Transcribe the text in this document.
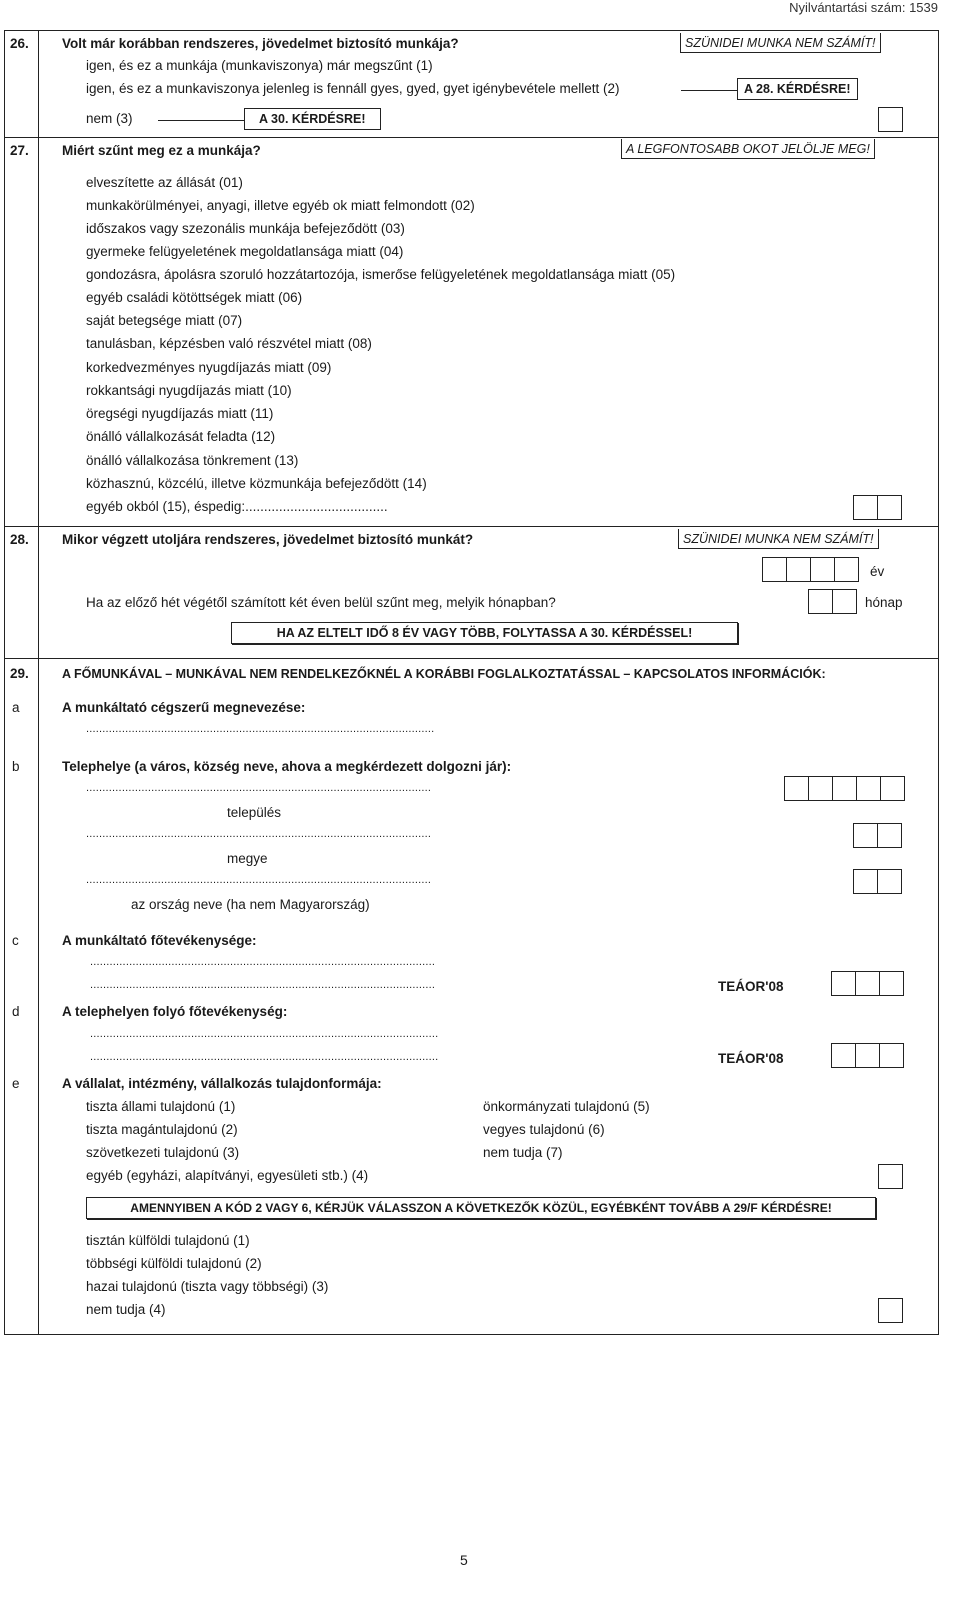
Nyilvántartási szám: 1539
26. Volt már korábban rendszeres, jövedelmet biztosító munkája?	SZÜNIDEI MUNKA NEM SZÁMÍT!
igen, és ez a munkája (munkaviszonya) már megszűnt (1)
igen, és ez a munkaviszonya jelenleg is fennáll gyes, gyed, gyet igénybevétele mellett (2)	A 28. KÉRDÉSRE!
nem (3)	A 30. KÉRDÉSRE!
27. Miért szűnt meg ez a munkája?	A LEGFONTOSABB OKOT JELÖLJE MEG!
elveszítette az állását (01)
munkakörülményei, anyagi, illetve egyéb ok miatt felmondott (02)
időszakos vagy szezonális munkája befejeződött (03)
gyermeke felügyeletének megoldatlansága miatt (04)
gondozásra, ápolásra szoruló hozzátartozója, ismerőse felügyeletének megoldatlansága miatt (05)
egyéb családi kötöttségek miatt (06)
saját betegsége miatt (07)
tanulásban, képzésben való részvétel miatt (08)
korkedvezményes nyugdíjazás miatt (09)
rokkantsági nyugdíjazás miatt (10)
öregségi nyugdíjazás miatt (11)
önálló vállalkozását feladta (12)
önálló vállalkozása tönkrement (13)
közhasznú, közcélú, illetve közmunkája befejeződött (14)
egyéb okból (15), éspedig:......................................
28. Mikor végzett utoljára rendszeres, jövedelmet biztosító munkát?	SZÜNIDEI MUNKA NEM SZÁMÍT!
év
Ha az előző hét végétől számított két éven belül szűnt meg, melyik hónapban?	hónap
HA AZ ELTELT IDŐ 8 ÉV VAGY TÖBB, FOLYTASSA A 30. KÉRDÉSSEL!
29.	A FŐMUNKÁVAL – MUNKÁVAL NEM RENDELKEZŐKNÉL A KORÁBBI FOGLALKOZTATÁSSAL – KAPCSOLATOS INFORMÁCIÓK:
a	A munkáltató cégszerű megnevezése:
...........................................................................................................
b	Telephelye (a város, község neve, ahova a megkérdezett dolgozni jár):
..........................................................................................................
település
..........................................................................................................
megye
..........................................................................................................
az ország neve (ha nem Magyarország)
c	A munkáltató főtevékenysége:
..........................................................................................................
..........................................................................................................	TEÁOR'08
d	A telephelyen folyó főtevékenység:
...........................................................................................................
...........................................................................................................	TEÁOR'08
e	A vállalat, intézmény, vállalkozás tulajdonformája:
tiszta állami tulajdonú (1)
tiszta magántulajdonú (2)
szövetkezeti tulajdonú (3)
egyéb (egyházi, alapítványi, egyesületi stb.) (4)
önkormányzati tulajdonú (5)
vegyes tulajdonú (6)
nem tudja (7)
AMENNYIBEN A KÓD 2 VAGY 6, KÉRJÜK VÁLASSZON A KÖVETKEZŐK KÖZÜL, EGYÉBKÉNT TOVÁBB A 29/F KÉRDÉSRE!
tisztán külföldi tulajdonú (1)
többségi külföldi tulajdonú (2)
hazai tulajdonú (tiszta vagy többségi) (3)
nem tudja (4)
5
